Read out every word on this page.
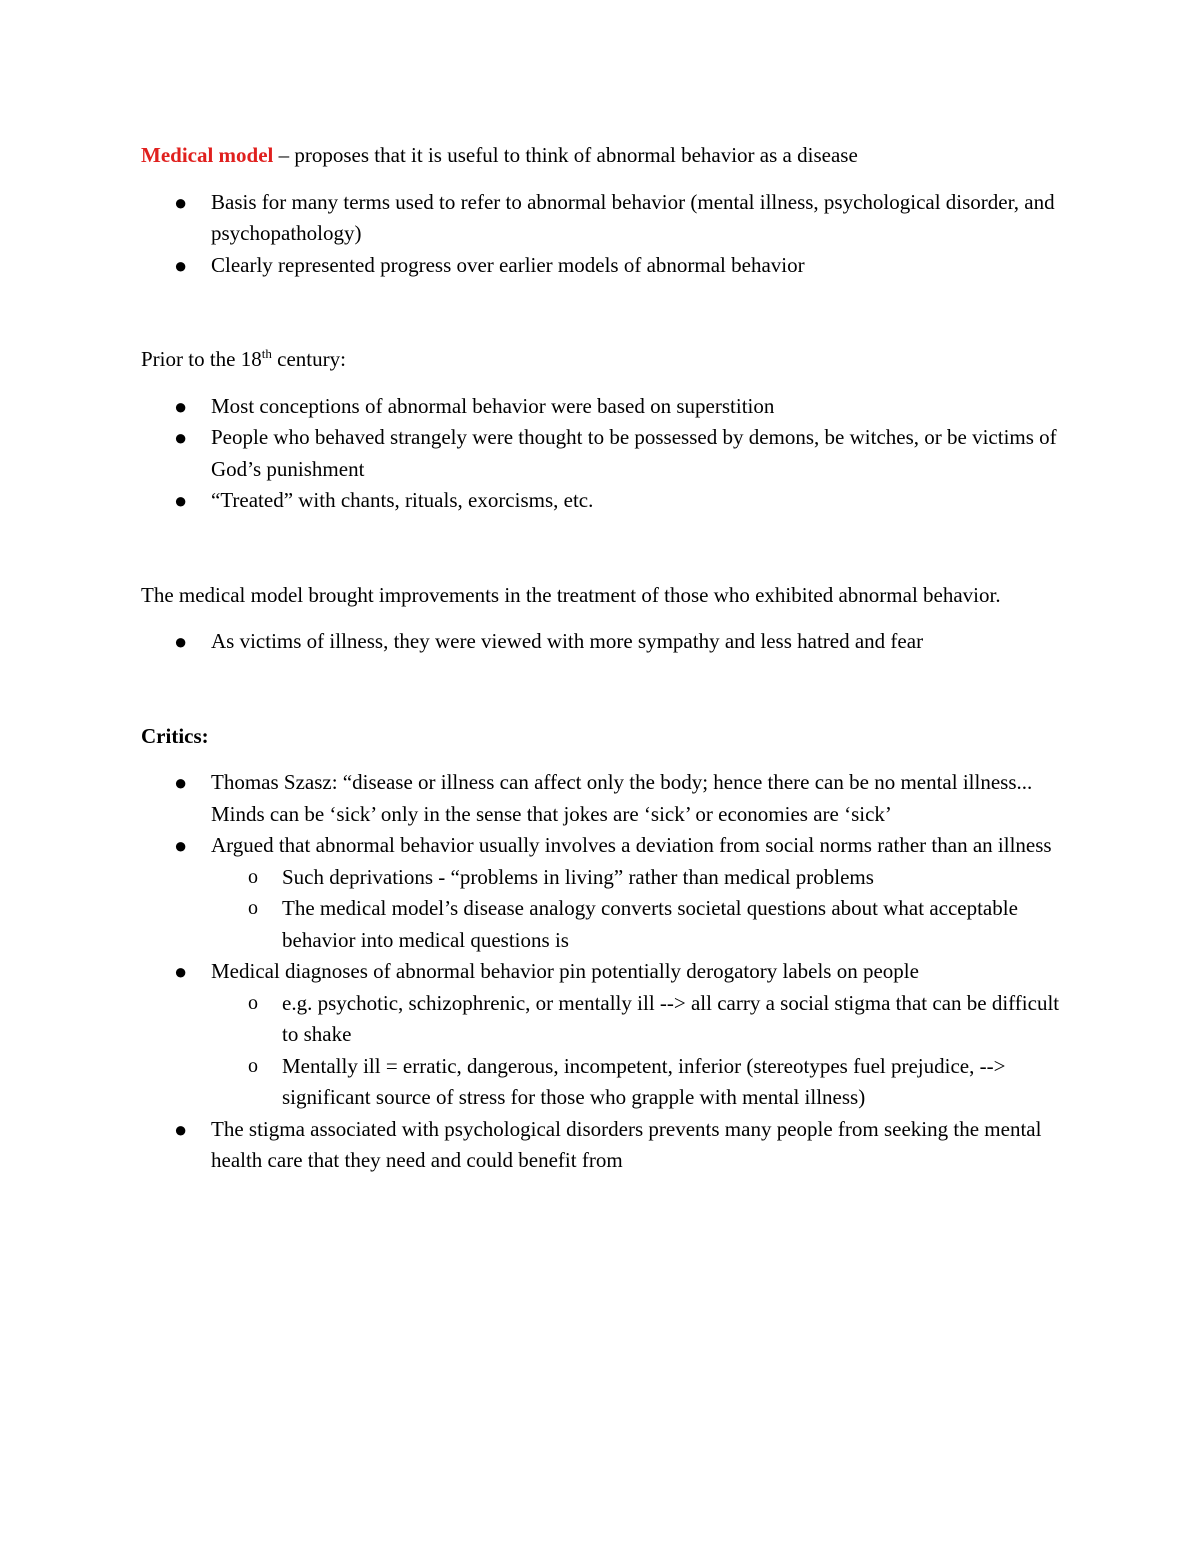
Medical model – proposes that it is useful to think of abnormal behavior as a disease

● Basis for many terms used to refer to abnormal behavior (mental illness, psychological disorder, and psychopathology)
● Clearly represented progress over earlier models of abnormal behavior

Prior to the 18th century:

● Most conceptions of abnormal behavior were based on superstition
● People who behaved strangely were thought to be possessed by demons, be witches, or be victims of God’s punishment
● “Treated” with chants, rituals, exorcisms, etc.

The medical model brought improvements in the treatment of those who exhibited abnormal behavior.

● As victims of illness, they were viewed with more sympathy and less hatred and fear

Critics:

● Thomas Szasz: “disease or illness can affect only the body; hence there can be no mental illness... Minds can be ‘sick’ only in the sense that jokes are ‘sick’ or economies are ‘sick’
● Argued that abnormal behavior usually involves a deviation from social norms rather than an illness
o Such deprivations - “problems in living” rather than medical problems
o The medical model’s disease analogy converts societal questions about what acceptable behavior into medical questions is
● Medical diagnoses of abnormal behavior pin potentially derogatory labels on people
o e.g. psychotic, schizophrenic, or mentally ill --> all carry a social stigma that can be difficult to shake
o Mentally ill = erratic, dangerous, incompetent, inferior (stereotypes fuel prejudice, --> significant source of stress for those who grapple with mental illness)
● The stigma associated with psychological disorders prevents many people from seeking the mental health care that they need and could benefit from
